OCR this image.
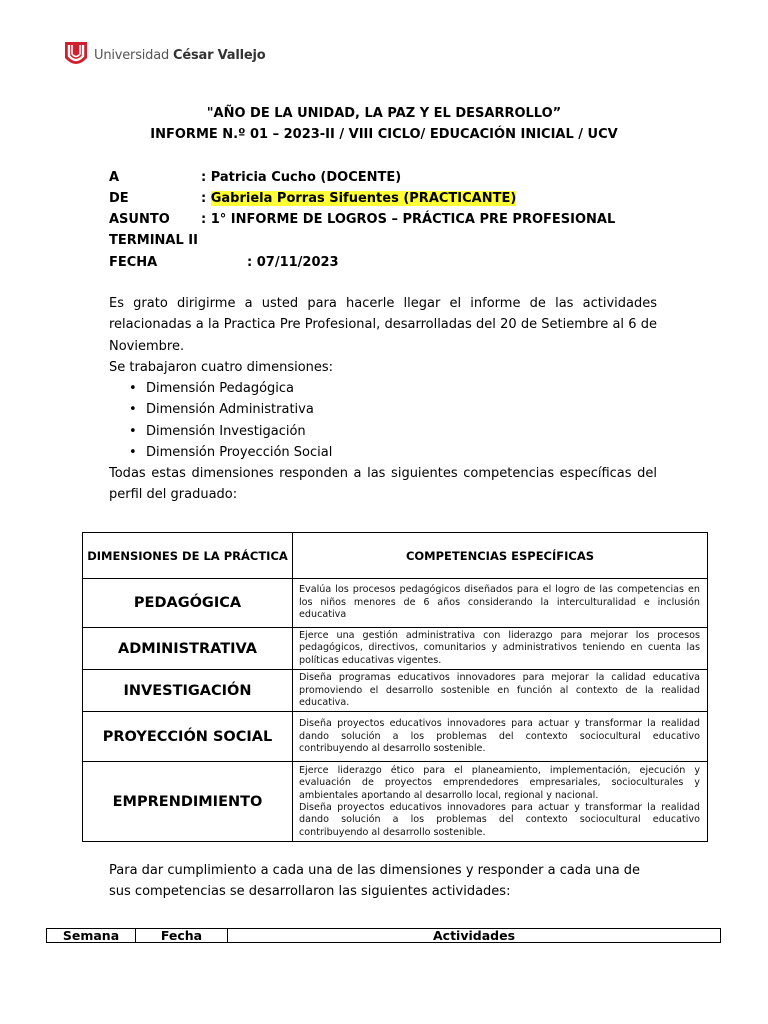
Universidad César Vallejo
"AÑO DE LA UNIDAD, LA PAZ Y EL DESARROLLO”
INFORME N.º 01 – 2023-II / VIII CICLO/ EDUCACIÓN INICIAL / UCV
A	: Patricia Cucho (DOCENTE)
DE	: Gabriela Porras Sifuentes (PRACTICANTE)
ASUNTO : 1° INFORME DE LOGROS – PRÁCTICA PRE PROFESIONAL
TERMINAL II
FECHA	: 07/11/2023
Es grato dirigirme a usted para hacerle llegar el informe de las actividades relacionadas a la Practica Pre Profesional, desarrolladas del 20 de Setiembre al 6 de Noviembre.
Se trabajaron cuatro dimensiones:
• Dimensión Pedagógica
• Dimensión Administrativa
• Dimensión Investigación
• Dimensión Proyección Social
Todas estas dimensiones responden a las siguientes competencias específicas del perfil del graduado:
DIMENSIONES DE LA PRÁCTICA	COMPETENCIAS ESPECÍFICAS
PEDAGÓGICA	Evalúa los procesos pedagógicos diseñados para el logro de las competencias en los niños menores de 6 años considerando la interculturalidad e inclusión educativa
ADMINISTRATIVA	Ejerce una gestión administrativa con liderazgo para mejorar los procesos pedagógicos, directivos, comunitarios y administrativos teniendo en cuenta las políticas educativas vigentes.
INVESTIGACIÓN	Diseña programas educativos innovadores para mejorar la calidad educativa promoviendo el desarrollo sostenible en función al contexto de la realidad educativa.
PROYECCIÓN SOCIAL	Diseña proyectos educativos innovadores para actuar y transformar la realidad dando solución a los problemas del contexto sociocultural educativo contribuyendo al desarrollo sostenible.
EMPRENDIMIENTO	Ejerce liderazgo ético para el planeamiento, implementación, ejecución y evaluación de proyectos emprendedores empresariales, socioculturales y ambientales aportando al desarrollo local, regional y nacional.
Diseña proyectos educativos innovadores para actuar y transformar la realidad dando solución a los problemas del contexto sociocultural educativo contribuyendo al desarrollo sostenible.
Para dar cumplimiento a cada una de las dimensiones y responder a cada una de sus competencias se desarrollaron las siguientes actividades:
Semana	Fecha	Actividades
